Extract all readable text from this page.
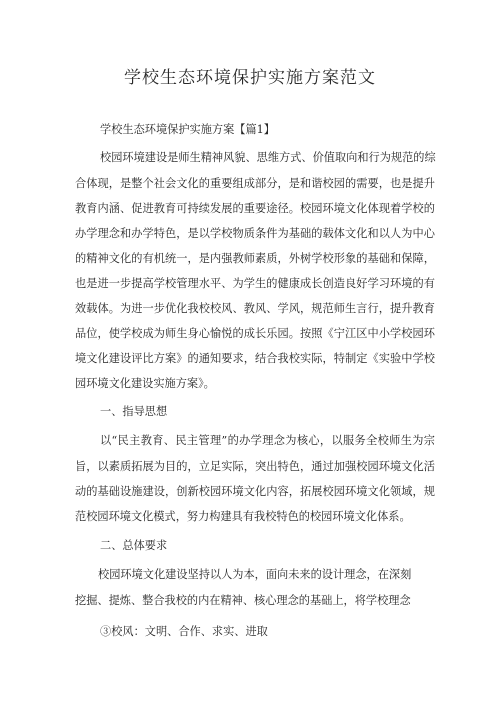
学校生态环境保护实施方案范文
学校生态环境保护实施方案【篇1】
校园环境建设是师生精神风貌、思维方式、价值取向和行为规范的综
合体现，是整个社会文化的重要组成部分，是和谐校园的需要，也是提升
教育内涵、促进教育可持续发展的重要途径。校园环境文化体现着学校的
办学理念和办学特色，是以学校物质条件为基础的载体文化和以人为中心
的精神文化的有机统一，是内强教师素质，外树学校形象的基础和保障，
也是进一步提高学校管理水平、为学生的健康成长创造良好学习环境的有
效载体。为进一步优化我校校风、教风、学风，规范师生言行，提升教育
品位，使学校成为师生身心愉悦的成长乐园。按照《宁江区中小学校园环
境文化建设评比方案》的通知要求，结合我校实际，特制定《实验中学校
园环境文化建设实施方案》。
一、指导思想
以“民主教育、民主管理”的办学理念为核心，以服务全校师生为宗
旨，以素质拓展为目的，立足实际，突出特色，通过加强校园环境文化活
动的基础设施建设，创新校园环境文化内容，拓展校园环境文化领域，规
范校园环境文化模式，努力构建具有我校特色的校园环境文化体系。
二、总体要求
校园环境文化建设坚持以人为本，面向未来的设计理念，在深刻
挖掘、提炼、整合我校的内在精神、核心理念的基础上，将学校理念
③校风：文明、合作、求实、进取
